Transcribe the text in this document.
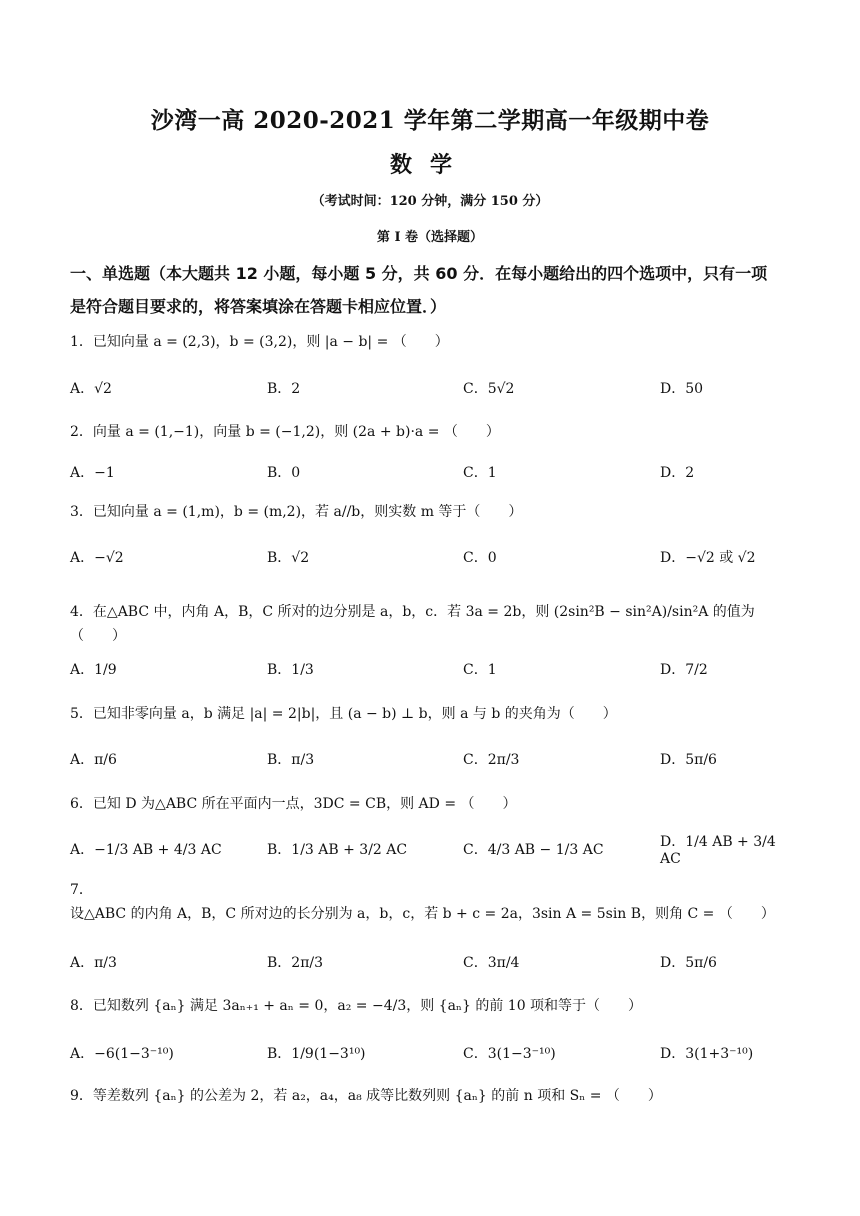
沙湾一高 2020-2021 学年第二学期高一年级期中卷
数学
（考试时间：120 分钟，满分 150 分）
第 I 卷（选择题）
一、单选题（本大题共 12 小题，每小题 5 分，共 60 分．在每小题给出的四个选项中，只有一项
是符合题目要求的，将答案填涂在答题卡相应位置．）
1．已知向量 a = (2,3)，b = (3,2)，则 |a − b| = （　　）
A．√2	B．2	C．5√2	D．50
2．向量 a = (1,−1)，向量 b = (−1,2)，则 (2a + b)·a = （　　）
A．−1	B．0	C．1	D．2
3．已知向量 a = (1,m)，b = (m,2)，若 a//b，则实数 m 等于（　　）
A．−√2	B．√2	C．0	D．−√2 或 √2
4．在△ABC 中，内角 A，B，C 所对的边分别是 a，b，c．若 3a = 2b，则 (2sin²B − sin²A)/sin²A 的值为（　　）
A．1/9	B．1/3	C．1	D．7/2
5．已知非零向量 a，b 满足 |a| = 2|b|，且 (a − b) ⊥ b，则 a 与 b 的夹角为（　　）
A．π/6	B．π/3	C．2π/3	D．5π/6
6．已知 D 为△ABC 所在平面内一点，3DC = CB，则 AD = （　　）
A．−1/3 AB + 4/3 AC	B．1/3 AB + 3/2 AC	C．4/3 AB − 1/3 AC	D．1/4 AB + 3/4 AC
7．设△ABC 的内角 A，B，C 所对边的长分别为 a，b，c，若 b + c = 2a，3sin A = 5sin B，则角 C = （　　）
A．π/3	B．2π/3	C．3π/4	D．5π/6
8．已知数列 {aₙ} 满足 3aₙ₊₁ + aₙ = 0，a₂ = −4/3，则 {aₙ} 的前 10 项和等于（　　）
A．−6(1−3⁻¹⁰)	B．1/9(1−3¹⁰)	C．3(1−3⁻¹⁰)	D．3(1+3⁻¹⁰)
9．等差数列 {aₙ} 的公差为 2，若 a₂，a₄，a₈ 成等比数列则 {aₙ} 的前 n 项和 Sₙ = （　　）
